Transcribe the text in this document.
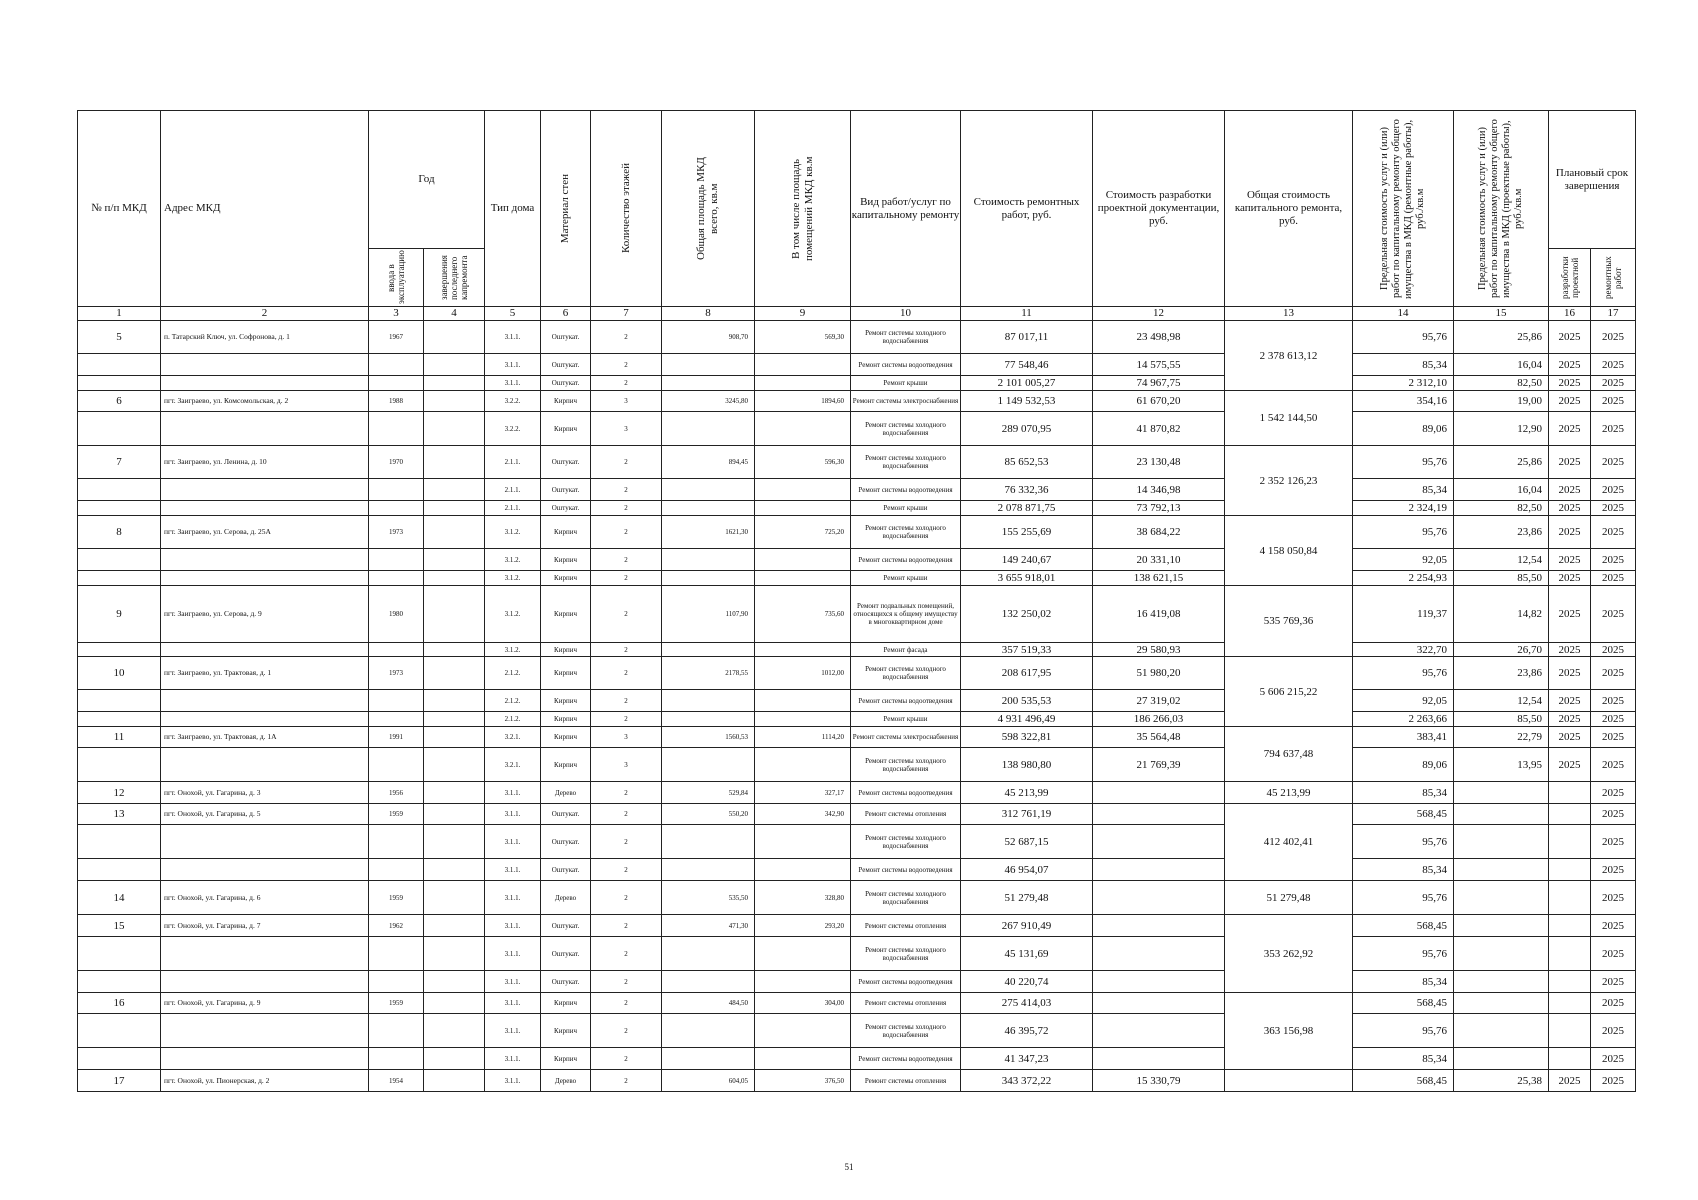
№ п/п МКД	Адрес МКД	Год		Тип дома	Материал стен	Количество этажей	Общая площадь МКД всего, кв.м	В том числе площадь помещений МКД кв.м	Вид работ/услуг по капитальному ремонту	Стоимость ремонтных работ, руб.	Стоимость разработки проектной документации, руб.	Общая стоимость капитального ремонта, руб.	Предельная стоимость услуг и (или) работ по капитальному ремонту общего имущества в МКД (ремонтные работы), руб./кв.м	Предельная стоимость услуг и (или) работ по капитальному ремонту общего имущества в МКД (проектные работы), руб./кв.м	Плановый срок завершения	

		ввода в эксплуатацию	завершения последнего капремонта												разработки проектной	ремонтных работ

1	2	3	4	5	6	7	8	9	10	11	12	13	14	15	16	17
5	п. Татарский Ключ, ул. Софронова, д. 1	1967		3.1.1.	Оштукат.	2	908,70	569,30	Ремонт системы холодного водоснабжения	87 017,11	23 498,98	2 378 613,12	95,76	25,86	2025	2025
				3.1.1.	Оштукат.	2			Ремонт системы водоотведения	77 548,46	14 575,55		85,34	16,04	2025	2025
				3.1.1.	Оштукат.	2			Ремонт крыши	2 101 005,27	74 967,75		2 312,10	82,50	2025	2025
6	пгт. Заиграево, ул. Комсомольская, д. 2	1988		3.2.2.	Кирпич	3	3245,80	1894,60	Ремонт системы электроснабжения	1 149 532,53	61 670,20	1 542 144,50	354,16	19,00	2025	2025
				3.2.2.	Кирпич	3			Ремонт системы холодного водоснабжения	289 070,95	41 870,82		89,06	12,90	2025	2025
7	пгт. Заиграево, ул. Ленина, д. 10	1970		2.1.1.	Оштукат.	2	894,45	596,30	Ремонт системы холодного водоснабжения	85 652,53	23 130,48	2 352 126,23	95,76	25,86	2025	2025
				2.1.1.	Оштукат.	2			Ремонт системы водоотведения	76 332,36	14 346,98		85,34	16,04	2025	2025
				2.1.1.	Оштукат.	2			Ремонт крыши	2 078 871,75	73 792,13		2 324,19	82,50	2025	2025
8	пгт. Заиграево, ул. Серова, д. 25А	1973		3.1.2.	Кирпич	2	1621,30	725,20	Ремонт системы холодного водоснабжения	155 255,69	38 684,22	4 158 050,84	95,76	23,86	2025	2025
				3.1.2.	Кирпич	2			Ремонт системы водоотведения	149 240,67	20 331,10		92,05	12,54	2025	2025
				3.1.2.	Кирпич	2			Ремонт крыши	3 655 918,01	138 621,15		2 254,93	85,50	2025	2025
9	пгт. Заиграево, ул. Серова, д. 9	1980		3.1.2.	Кирпич	2	1107,90	735,60	Ремонт подвальных помещений, относящихся к общему имуществу в многоквартирном доме	132 250,02	16 419,08	535 769,36	119,37	14,82	2025	2025
				3.1.2.	Кирпич	2			Ремонт фасада	357 519,33	29 580,93		322,70	26,70	2025	2025
10	пгт. Заиграево, ул. Трактовая, д. 1	1973		2.1.2.	Кирпич	2	2178,55	1012,00	Ремонт системы холодного водоснабжения	208 617,95	51 980,20	5 606 215,22	95,76	23,86	2025	2025
				2.1.2.	Кирпич	2			Ремонт системы водоотведения	200 535,53	27 319,02		92,05	12,54	2025	2025
				2.1.2.	Кирпич	2			Ремонт крыши	4 931 496,49	186 266,03		2 263,66	85,50	2025	2025
11	пгт. Заиграево, ул. Трактовая, д. 1А	1991		3.2.1.	Кирпич	3	1560,53	1114,20	Ремонт системы электроснабжения	598 322,81	35 564,48	794 637,48	383,41	22,79	2025	2025
				3.2.1.	Кирпич	3			Ремонт системы холодного водоснабжения	138 980,80	21 769,39		89,06	13,95	2025	2025
12	пгт. Онохой, ул. Гагарина, д. 3	1956		3.1.1.	Дерево	2	529,84	327,17	Ремонт системы водоотведения	45 213,99		45 213,99	85,34			2025
13	пгт. Онохой, ул. Гагарина, д. 5	1959		3.1.1.	Оштукат.	2	550,20	342,90	Ремонт системы отопления	312 761,19		412 402,41	568,45			2025
				3.1.1.	Оштукат.	2			Ремонт системы холодного водоснабжения	52 687,15			95,76			2025
				3.1.1.	Оштукат.	2			Ремонт системы водоотведения	46 954,07			85,34			2025
14	пгт. Онохой, ул. Гагарина, д. 6	1959		3.1.1.	Дерево	2	535,50	328,80	Ремонт системы холодного водоснабжения	51 279,48		51 279,48	95,76			2025
15	пгт. Онохой, ул. Гагарина, д. 7	1962		3.1.1.	Оштукат.	2	471,30	293,20	Ремонт системы отопления	267 910,49		353 262,92	568,45			2025
				3.1.1.	Оштукат.	2			Ремонт системы холодного водоснабжения	45 131,69			95,76			2025
				3.1.1.	Оштукат.	2			Ремонт системы водоотведения	40 220,74			85,34			2025
16	пгт. Онохой, ул. Гагарина, д. 9	1959		3.1.1.	Кирпич	2	484,50	304,00	Ремонт системы отопления	275 414,03		363 156,98	568,45			2025
				3.1.1.	Кирпич	2			Ремонт системы холодного водоснабжения	46 395,72			95,76			2025
				3.1.1.	Кирпич	2			Ремонт системы водоотведения	41 347,23			85,34			2025
17	пгт. Онохой, ул. Пионерская, д. 2	1954		3.1.1.	Дерево	2	604,05	376,50	Ремонт системы отопления	343 372,22	15 330,79		568,45	25,38	2025	2025
51
